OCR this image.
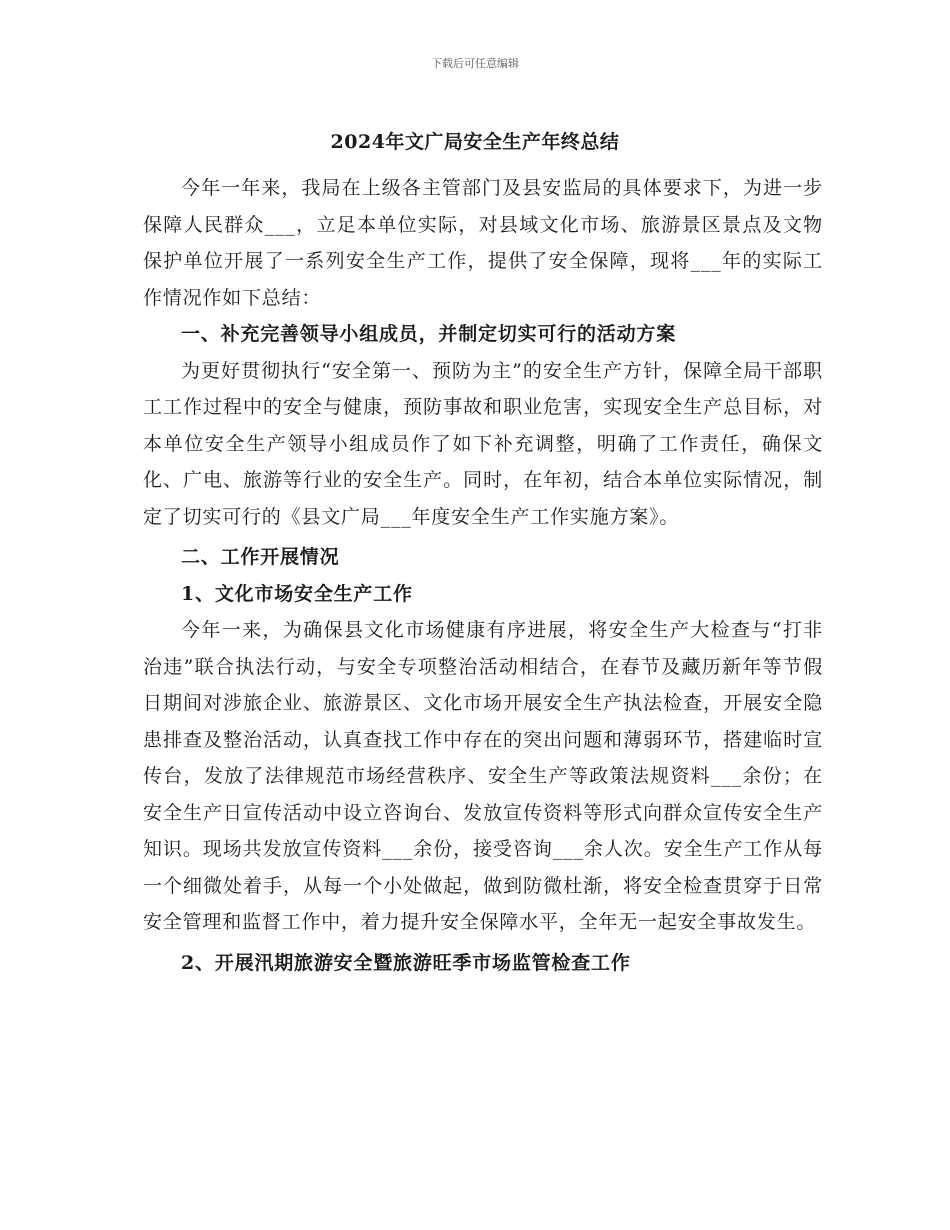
下载后可任意编辑
2024年文广局安全生产年终总结

今年一年来，我局在上级各主管部门及县安监局的具体要求下，为进一步保障人民群众___，立足本单位实际，对县域文化市场、旅游景区景点及文物保护单位开展了一系列安全生产工作，提供了安全保障，现将___年的实际工作情况作如下总结：

一、补充完善领导小组成员，并制定切实可行的活动方案

为更好贯彻执行“安全第一、预防为主”的安全生产方针，保障全局干部职工工作过程中的安全与健康，预防事故和职业危害，实现安全生产总目标，对本单位安全生产领导小组成员作了如下补充调整，明确了工作责任，确保文化、广电、旅游等行业的安全生产。同时，在年初，结合本单位实际情况，制定了切实可行的《县文广局___年度安全生产工作实施方案》。

二、工作开展情况
1、文化市场安全生产工作

今年一来，为确保县文化市场健康有序进展，将安全生产大检查与“打非治违”联合执法行动，与安全专项整治活动相结合，在春节及藏历新年等节假日期间对涉旅企业、旅游景区、文化市场开展安全生产执法检查，开展安全隐患排查及整治活动，认真查找工作中存在的突出问题和薄弱环节，搭建临时宣传台，发放了法律规范市场经营秩序、安全生产等政策法规资料___余份；在安全生产日宣传活动中设立咨询台、发放宣传资料等形式向群众宣传安全生产知识。现场共发放宣传资料___余份，接受咨询___余人次。安全生产工作从每一个细微处着手，从每一个小处做起，做到防微杜渐，将安全检查贯穿于日常安全管理和监督工作中，着力提升安全保障水平，全年无一起安全事故发生。

2、开展汛期旅游安全暨旅游旺季市场监管检查工作
